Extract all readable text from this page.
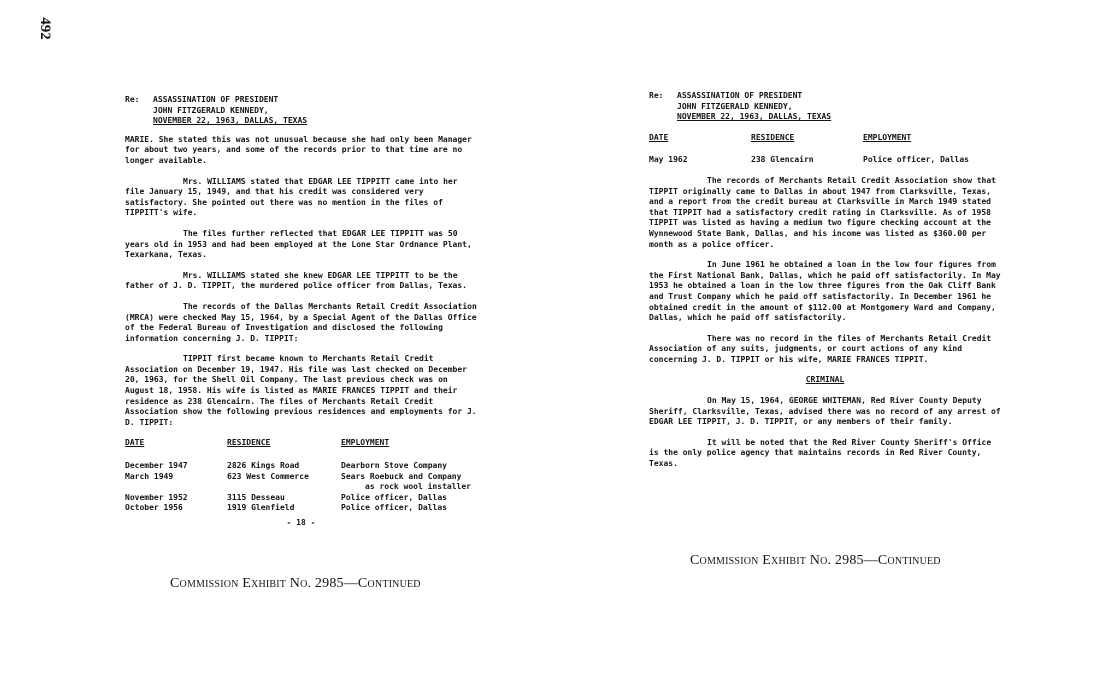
492
Re:	ASSASSINATION OF PRESIDENT
JOHN FITZGERALD KENNEDY,
NOVEMBER 22, 1963, DALLAS, TEXAS

MARIE. She stated this was not unusual because she had only been Manager for about two years, and some of the records prior to that time are no longer available.

Mrs. WILLIAMS stated that EDGAR LEE TIPPITT came into her file January 15, 1949, and that his credit was considered very satisfactory. She pointed out there was no mention in the files of TIPPITT's wife.

The files further reflected that EDGAR LEE TIPPITT was 50 years old in 1953 and had been employed at the Lone Star Ordnance Plant, Texarkana, Texas.

Mrs. WILLIAMS stated she knew EDGAR LEE TIPPITT to be the father of J. D. TIPPIT, the murdered police officer from Dallas, Texas.

The records of the Dallas Merchants Retail Credit Association (MRCA) were checked May 15, 1964, by a Special Agent of the Dallas Office of the Federal Bureau of Investigation and disclosed the following information concerning J. D. TIPPIT:

TIPPIT first became known to Merchants Retail Credit Association on December 19, 1947. His file was last checked on December 20, 1963, for the Shell Oil Company. The last previous check was on August 18, 1958. His wife is listed as MARIE FRANCES TIPPIT and their residence as 238 Glencairn. The files of Merchants Retail Credit Association show the following previous residences and employments for J. D. TIPPIT:

DATE	RESIDENCE	EMPLOYMENT
December 1947	2826 Kings Road	Dearborn Stove Company
March 1949	623 West Commerce	Sears Roebuck and Company
		as rock wool installer
November 1952	3115 Desseau	Police officer, Dallas
October 1956	1919 Glenfield	Police officer, Dallas
- 18 -
Commission Exhibit No. 2985—Continued
Re:	ASSASSINATION OF PRESIDENT
JOHN FITZGERALD KENNEDY,
NOVEMBER 22, 1963, DALLAS, TEXAS
DATE	RESIDENCE	EMPLOYMENT
May 1962	238 Glencairn	Police officer, Dallas

The records of Merchants Retail Credit Association show that TIPPIT originally came to Dallas in about 1947 from Clarksville, Texas, and a report from the credit bureau at Clarksville in March 1949 stated that TIPPIT had a satisfactory credit rating in Clarksville. As of 1958 TIPPIT was listed as having a medium two figure checking account at the Wynnewood State Bank, Dallas, and his income was listed as $360.00 per month as a police officer.

In June 1961 he obtained a loan in the low four figures from the First National Bank, Dallas, which he paid off satisfactorily. In May 1953 he obtained a loan in the low three figures from the Oak Cliff Bank and Trust Company which he paid off satisfactorily. In December 1961 he obtained credit in the amount of $112.00 at Montgomery Ward and Company, Dallas, which he paid off satisfactorily.

There was no record in the files of Merchants Retail Credit Association of any suits, judgments, or court actions of any kind concerning J. D. TIPPIT or his wife, MARIE FRANCES TIPPIT.

CRIMINAL

On May 15, 1964, GEORGE WHITEMAN, Red River County Deputy Sheriff, Clarksville, Texas, advised there was no record of any arrest of EDGAR LEE TIPPIT, J. D. TIPPIT, or any members of their family.

It will be noted that the Red River County Sheriff's Office is the only police agency that maintains records in Red River County, Texas.

Commission Exhibit No. 2985—Continued
